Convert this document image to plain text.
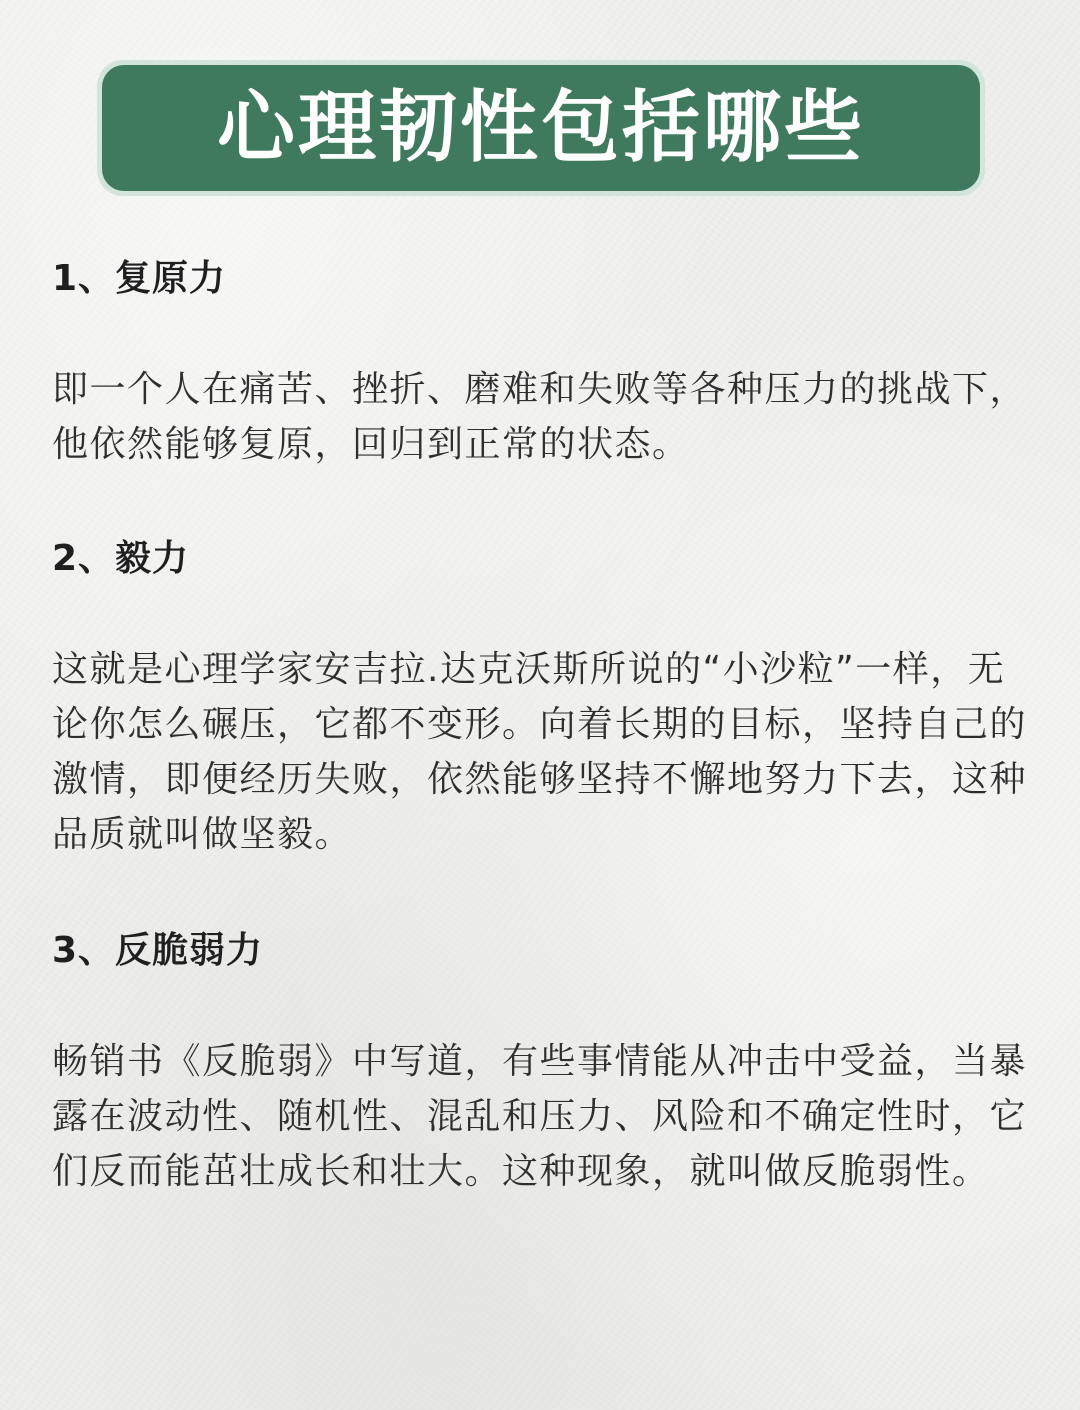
心理韧性包括哪些
1、复原力
即一个人在痛苦、挫折、磨难和失败等各种压力的挑战下，他依然能够复原，回归到正常的状态。
2、毅力
这就是心理学家安吉拉.达克沃斯所说的“小沙粒”一样，无论你怎么碾压，它都不变形。向着长期的目标，坚持自己的激情，即便经历失败，依然能够坚持不懈地努力下去，这种品质就叫做坚毅。
3、反脆弱力
畅销书《反脆弱》中写道，有些事情能从冲击中受益，当暴露在波动性、随机性、混乱和压力、风险和不确定性时，它们反而能茁壮成长和壮大。这种现象，就叫做反脆弱性。
